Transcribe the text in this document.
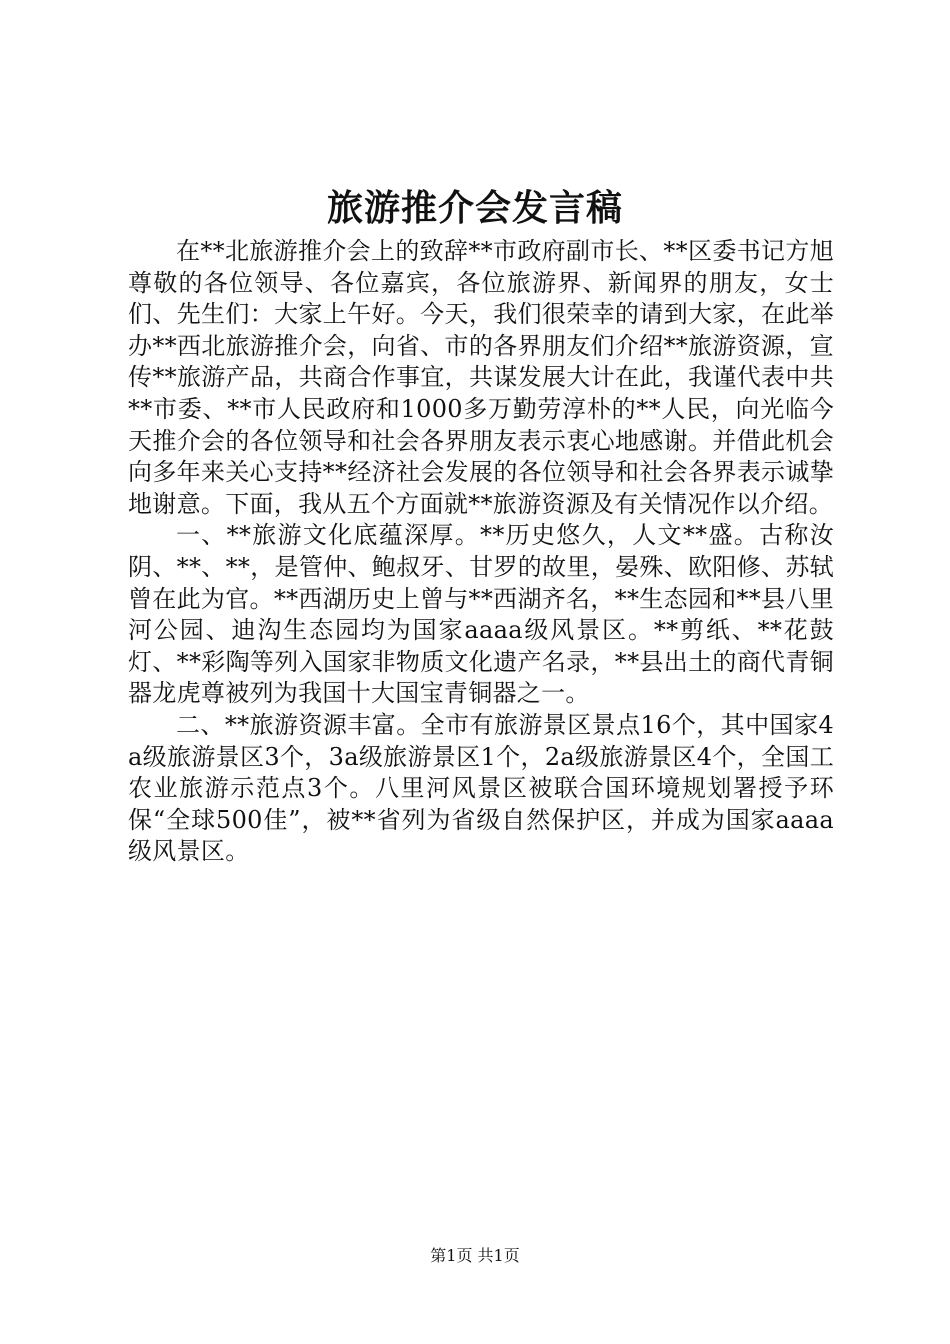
旅游推介会发言稿

在**北旅游推介会上的致辞**市政府副市长、**区委书记方旭尊敬的各位领导、各位嘉宾，各位旅游界、新闻界的朋友，女士们、先生们：大家上午好。今天，我们很荣幸的请到大家，在此举办**西北旅游推介会，向省、市的各界朋友们介绍**旅游资源，宣传**旅游产品，共商合作事宜，共谋发展大计在此，我谨代表中共**市委、**市人民政府和1000多万勤劳淳朴的**人民，向光临今天推介会的各位领导和社会各界朋友表示衷心地感谢。并借此机会向多年来关心支持**经济社会发展的各位领导和社会各界表示诚挚地谢意。下面，我从五个方面就**旅游资源及有关情况作以介绍。

一、**旅游文化底蕴深厚。**历史悠久，人文**盛。古称汝阴、**、**，是管仲、鲍叔牙、甘罗的故里，晏殊、欧阳修、苏轼曾在此为官。**西湖历史上曾与**西湖齐名，**生态园和**县八里河公园、迪沟生态园均为国家aaaa级风景区。**剪纸、**花鼓灯、**彩陶等列入国家非物质文化遗产名录，**县出土的商代青铜器龙虎尊被列为我国十大国宝青铜器之一。

二、**旅游资源丰富。全市有旅游景区景点16个，其中国家4a级旅游景区3个，3a级旅游景区1个，2a级旅游景区4个，全国工农业旅游示范点3个。八里河风景区被联合国环境规划署授予环保“全球500佳”，被**省列为省级自然保护区，并成为国家aaaa级风景区。

第1页 共1页
